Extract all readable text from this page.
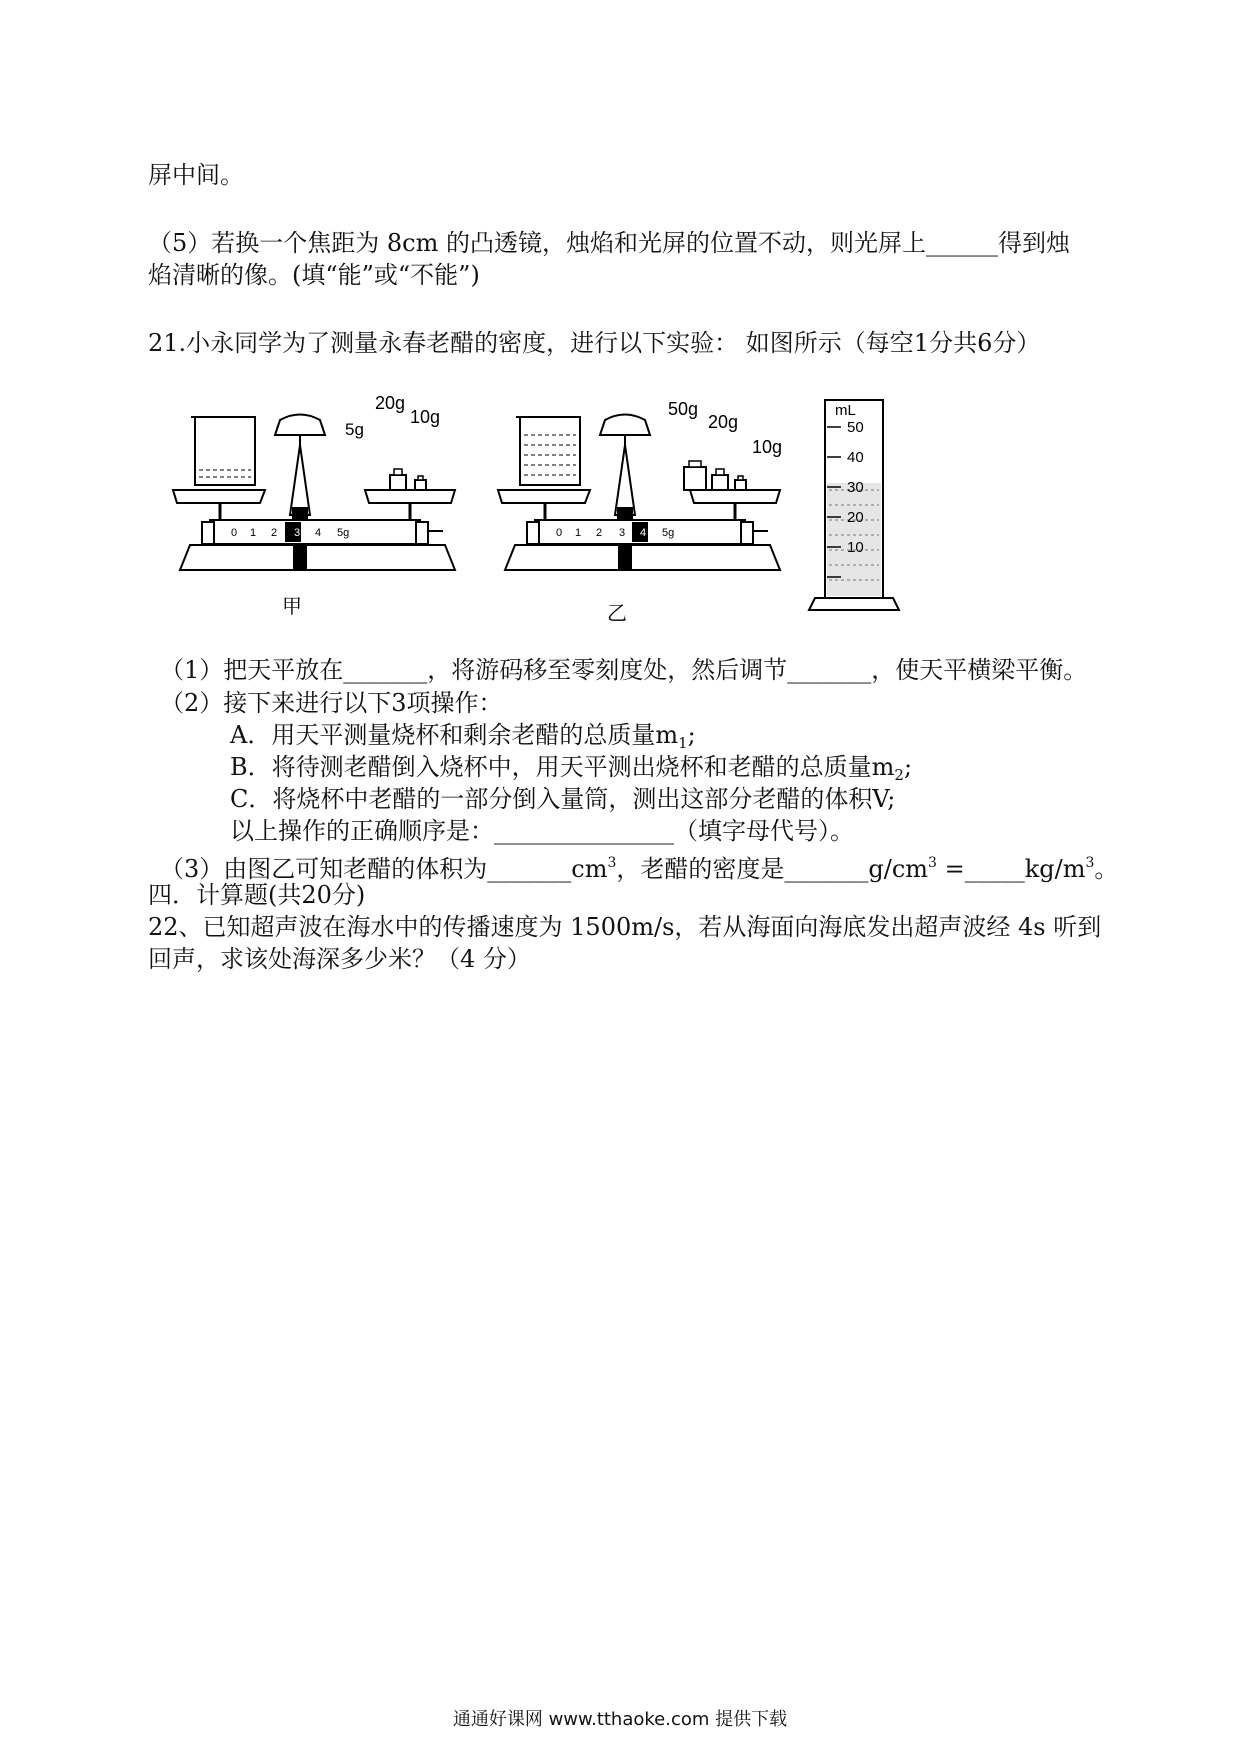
屏中间。
（5）若换一个焦距为 8cm 的凸透镜，烛焰和光屏的位置不动，则光屏上______得到烛
焰清晰的像。(填“能”或“不能”)
21.小永同学为了测量永春老醋的密度，进行以下实验： 如图所示（每空1分共6分）
20g
10g
5g
0 1 2 3 4 5g
甲
50g
20g
10g
0 1 2 3 4 5g
乙
mL
50
40
30
20
10
（1）把天平放在_______，将游码移至零刻度处，然后调节_______，使天平横梁平衡。
（2）接下来进行以下3项操作：
A．用天平测量烧杯和剩余老醋的总质量$m_1$;
B．将待测老醋倒入烧杯中，用天平测出烧杯和老醋的总质量$m_2$;
C．将烧杯中老醋的一部分倒入量筒，测出这部分老醋的体积V;
以上操作的正确顺序是：_______________（填字母代号）。
（3）由图乙可知老醋的体积为$\_\_\_\_\_\_\_cm^3$，老醋的密度是$\_\_\_\_\_\_\_g/cm^3$ $=\_\_\_\_\_kg/m^3$。
四．计算题(共20分)
22、已知超声波在海水中的传播速度为 1500m/s，若从海面向海底发出超声波经 4s 听到
回声，求该处海深多少米？（4 分）
通通好课网 www.tthaoke.com 提供下载
